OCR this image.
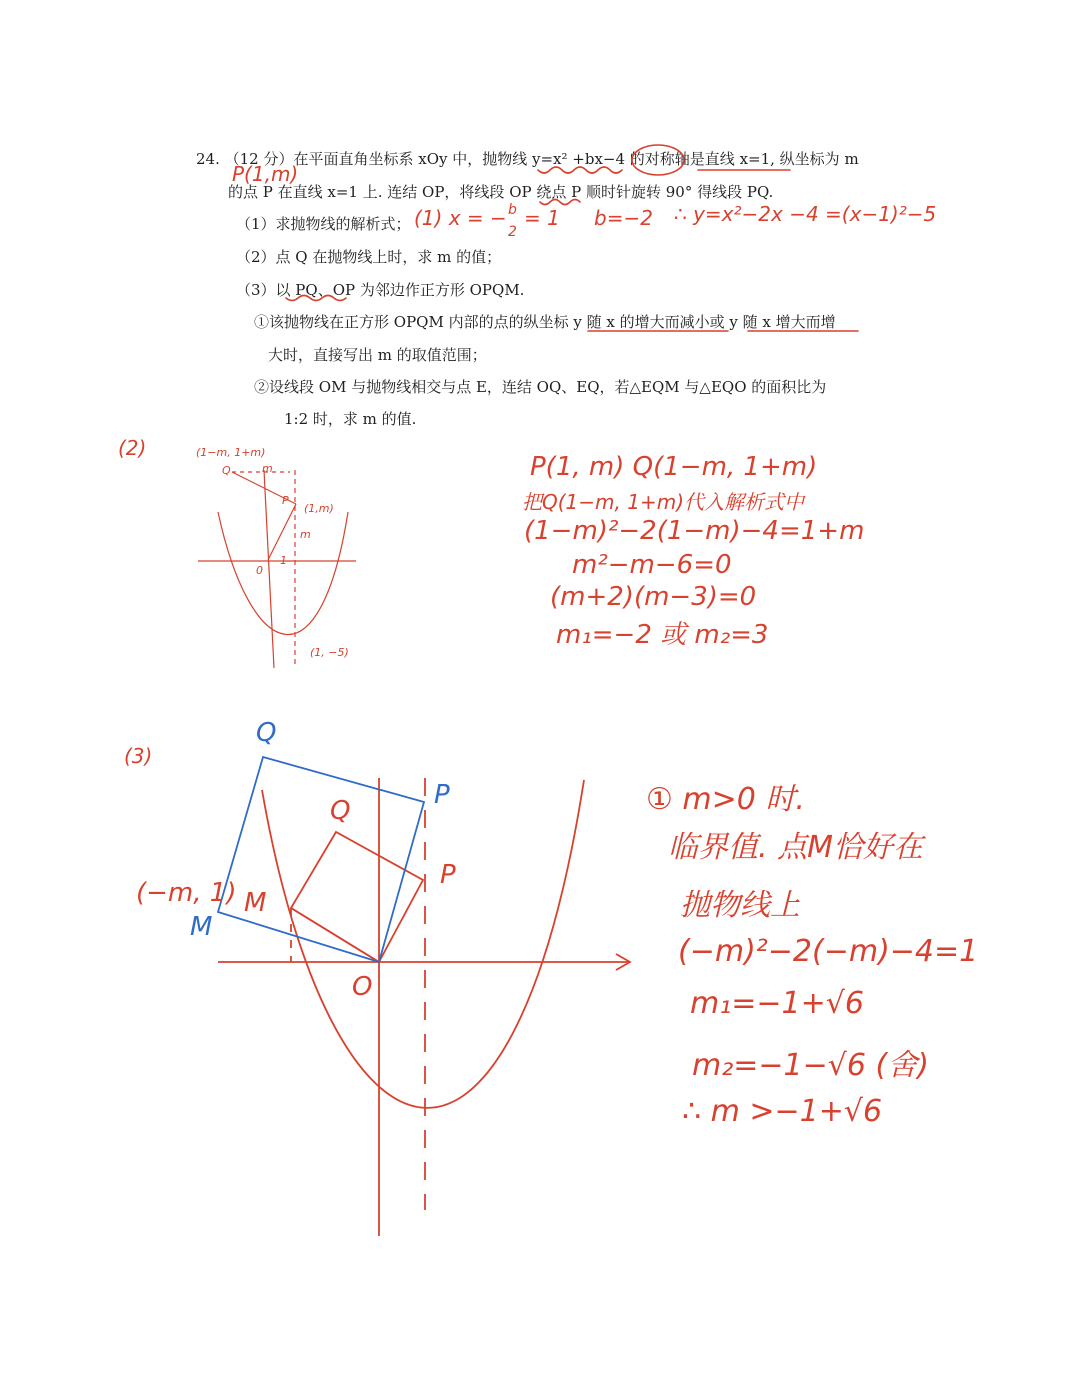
24. （12 分）在平面直角坐标系 xOy 中，抛物线 y=x² +bx−4 的对称轴是直线 x=1, 纵坐标为 m
的点 P 在直线 x=1 上. 连结 OP，将线段 OP 绕点 P 顺时针旋转 90° 得线段 PQ.
（1）求抛物线的解析式；
（2）点 Q 在抛物线上时，求 m 的值；
（3）以 PQ、OP 为邻边作正方形 OPQM.
①该抛物线在正方形 OPQM 内部的点的纵坐标 y 随 x 的增大而减小或 y 随 x 增大而增
大时，直接写出 m 的取值范围；
②设线段 OM 与抛物线相交与点 E，连结 OQ、EQ，若△EQM 与△EQO 的面积比为
1:2 时，求 m 的值.
P(1,m)
(1) x = − b
2
= 1 b=−2 ∴ y=x²−2x −4 =(x−1)²−5
(2)	(1−m, 1+m)
Q	m
P
(1,m)
m
0
1
(1, −5)
P(1, m) Q(1−m, 1+m)
把Q(1−m, 1+m)代入解析式中
(1−m)²−2(1−m)−4=1+m
m²−m−6=0
(m+2)(m−3)=0
m₁=−2 或 m₂=3
(3)
Q
P
M
(−m, 1)
Q
P
M
O
① m>0 时.
临界值. 点M恰好在
抛物线上
(−m)²−2(−m)−4=1
m₁=−1+√6
m₂=−1−√6 (舍)
∴ m >−1+√6
